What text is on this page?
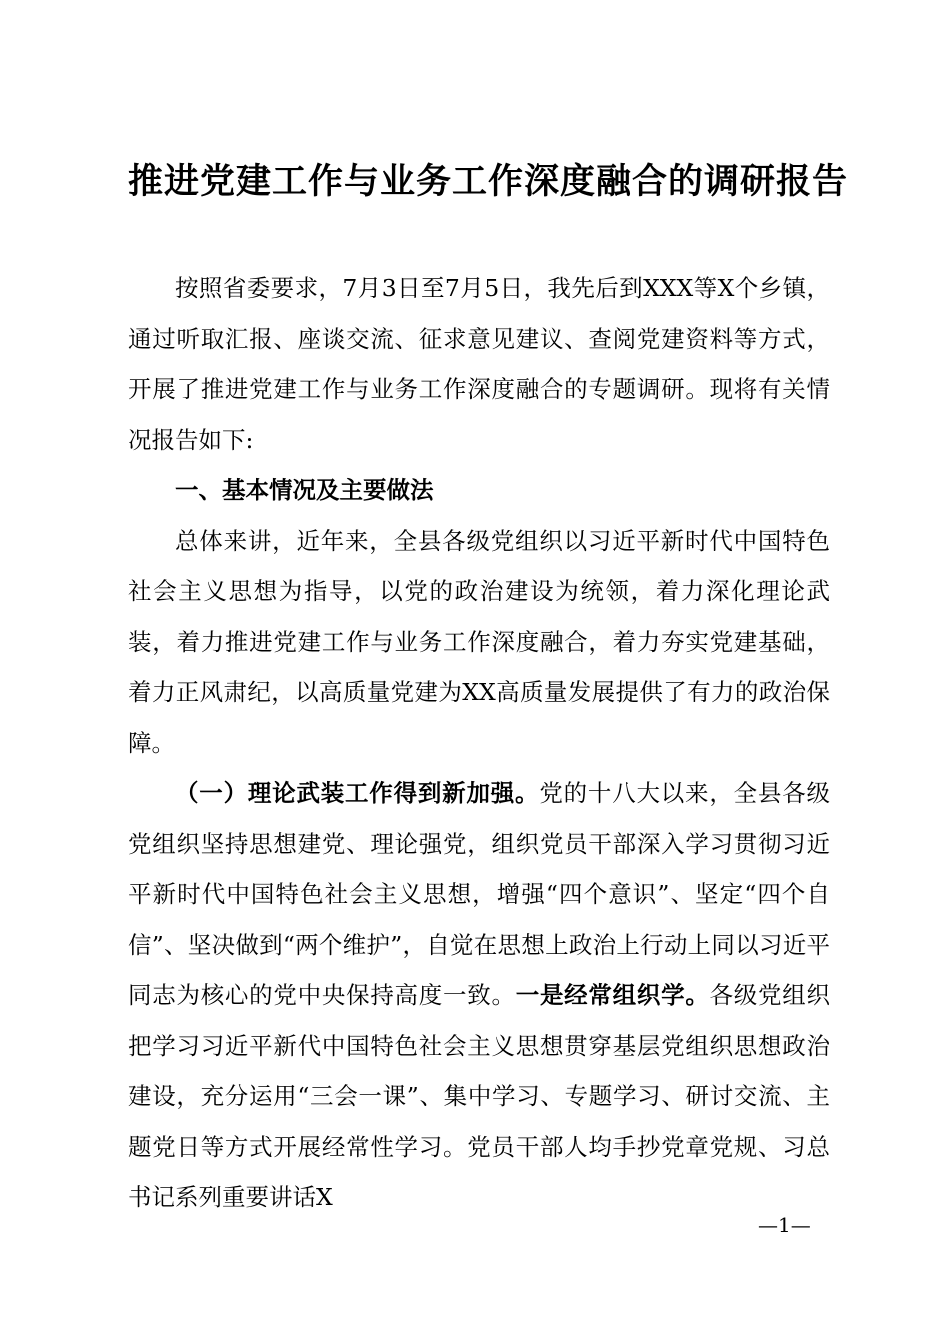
推进党建工作与业务工作深度融合的调研报告

按照省委要求，7月3日至7月5日，我先后到XXX等X个乡镇，通过听取汇报、座谈交流、征求意见建议、查阅党建资料等方式，开展了推进党建工作与业务工作深度融合的专题调研。现将有关情况报告如下:

一、基本情况及主要做法

总体来讲，近年来，全县各级党组织以习近平新时代中国特色社会主义思想为指导，以党的政治建设为统领，着力深化理论武装，着力推进党建工作与业务工作深度融合，着力夯实党建基础，着力正风肃纪，以高质量党建为XX高质量发展提供了有力的政治保障。

（一）理论武装工作得到新加强。党的十八大以来，全县各级党组织坚持思想建党、理论强党，组织党员干部深入学习贯彻习近平新时代中国特色社会主义思想，增强“四个意识”、坚定“四个自信”、坚决做到“两个维护”，自觉在思想上政治上行动上同以习近平同志为核心的党中央保持高度一致。一是经常组织学。各级党组织把学习习近平新代中国特色社会主义思想贯穿基层党组织思想政治建设，充分运用“三会一课”、集中学习、专题学习、研讨交流、主题党日等方式开展经常性学习。党员干部人均手抄党章党规、习总书记系列重要讲话X

—1—
